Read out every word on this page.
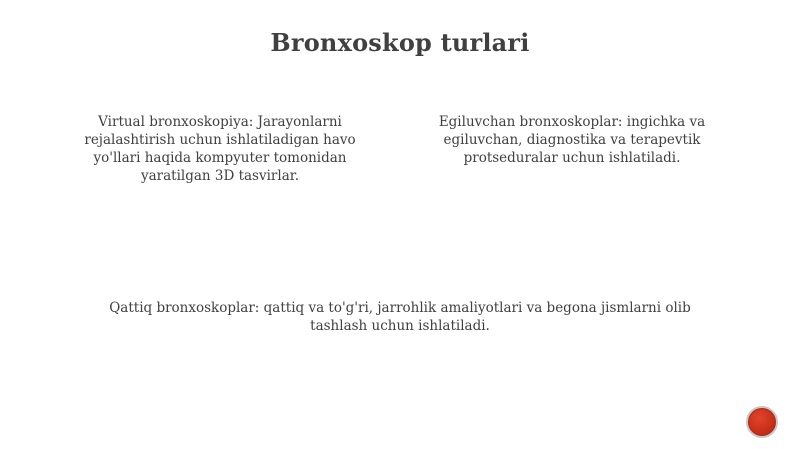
Bronxoskop turlari

Virtual bronxoskopiya: Jarayonlarni rejalashtirish uchun ishlatiladigan havo yo'llari haqida kompyuter tomonidan yaratilgan 3D tasvirlar.

Egiluvchan bronxoskoplar: ingichka va egiluvchan, diagnostika va terapevtik protseduralar uchun ishlatiladi.

Qattiq bronxoskoplar: qattiq va to'g'ri, jarrohlik amaliyotlari va begona jismlarni olib tashlash uchun ishlatiladi.
